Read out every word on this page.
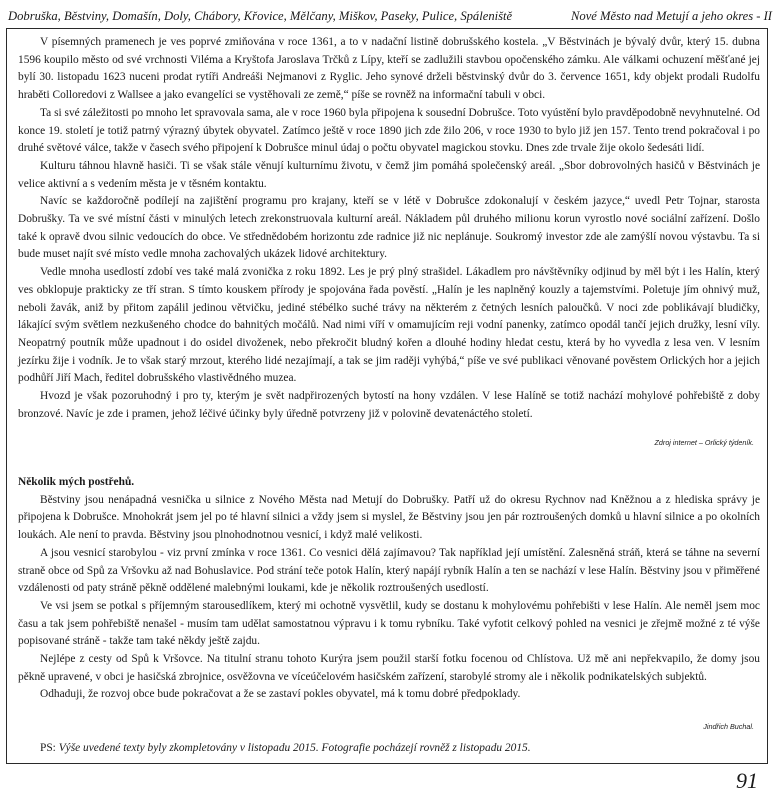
Dobruška, Běstviny, Domašín, Doly, Chábory, Křovice, Mělčany, Miškov, Paseky, Pulice, Spáleniště	Nové Město nad Metují a jeho okres - II

V písemných pramenech je ves poprvé zmiňována v roce 1361, a to v nadační listině dobrušského kostela. „V Běstvinách je bývalý dvůr, který 15. dubna 1596 koupilo město od své vrchnosti Viléma a Kryštofa Jaroslava Trčků z Lípy, kteří se zadlužili stavbou opočenského zámku. Ale válkami ochuzení měšťané jej bylí 30. listopadu 1623 nuceni prodat rytíři Andreáši Nejmanovi z Ryglic. Jeho synové drželi běstvinský dvůr do 3. července 1651, kdy objekt prodali Rudolfu hraběti Colloredovi z Wallsee a jako evangelíci se vystěhovali ze země,“ píše se rovněž na informační tabuli v obci.

Ta si své záležitosti po mnoho let spravovala sama, ale v roce 1960 byla připojena k sousední Dobrušce. Toto vyústění bylo pravděpodobně nevyhnutelné. Od konce 19. století je totiž patrný výrazný úbytek obyvatel. Zatímco ještě v roce 1890 jich zde žilo 206, v roce 1930 to bylo již jen 157. Tento trend pokračoval i po druhé světové válce, takže v časech svého připojení k Dobrušce minul údaj o počtu obyvatel magickou stovku. Dnes zde trvale žije okolo šedesáti lidí.

Kulturu táhnou hlavně hasiči. Ti se však stále věnují kulturnímu životu, v čemž jim pomáhá společenský areál. „Sbor dobrovolných hasičů v Běstvinách je velice aktivní a s vedením města je v těsném kontaktu.

Navíc se každoročně podílejí na zajištění programu pro krajany, kteří se v létě v Dobrušce zdokonalují v českém jazyce,“ uvedl Petr Tojnar, starosta Dobrušky. Ta ve své místní části v minulých letech zrekonstruovala kulturní areál. Nákladem půl druhého milionu korun vyrostlo nové sociální zařízení. Došlo také k opravě dvou silnic vedoucích do obce. Ve střednědobém horizontu zde radnice již nic neplánuje. Soukromý investor zde ale zamýšlí novou výstavbu. Ta si bude muset najít své místo vedle mnoha zachovalých ukázek lidové architektury.

Vedle mnoha usedlostí zdobí ves také malá zvonička z roku 1892. Les je prý plný strašidel. Lákadlem pro návštěvníky odjinud by měl být i les Halín, který ves obklopuje prakticky ze tří stran. S tímto kouskem přírody je spojována řada pověstí. „Halín je les naplněný kouzly a tajemstvími. Poletuje jím ohnivý muž, neboli žavák, aniž by přitom zapálil jedinou větvičku, jediné stébélko suché trávy na některém z četných lesních paloučků. V noci zde poblikávají bludičky, lákající svým světlem nezkušeného chodce do bahnitých močálů. Nad nimi víří v omamujícím reji vodní panenky, zatímco opodál tančí jejich družky, lesní víly. Neopatrný poutník může upadnout i do osidel divoženek, nebo překročit bludný kořen a dlouhé hodiny hledat cestu, která by ho vyvedla z lesa ven. V lesním jezírku žije i vodník. Je to však starý mrzout, kterého lidé nezajímají, a tak se jim raději vyhýbá,“ píše ve své publikaci věnované pověstem Orlických hor a jejich podhůří Jiří Mach, ředitel dobrušského vlastivědného muzea.

Hvozd je však pozoruhodný i pro ty, kterým je svět nadpřirozených bytostí na hony vzdálen. V lese Halíně se totiž nachází mohylové pohřebiště z doby bronzové. Navíc je zde i pramen, jehož léčivé účinky byly úředně potvrzeny již v polovině devatenáctého století.

Zdroj internet – Orlický týdeník.
Několik mých postřehů.

Běstviny jsou nenápadná vesnička u silnice z Nového Města nad Metují do Dobrušky. Patří už do okresu Rychnov nad Kněžnou a z hlediska správy je připojena k Dobrušce. Mnohokrát jsem jel po té hlavní silnici a vždy jsem si myslel, že Běstviny jsou jen pár roztroušených domků u hlavní silnice a po okolních loukách. Ale není to pravda. Běstviny jsou plnohodnotnou vesnicí, i když malé velikosti.

A jsou vesnicí starobylou - viz první zmínka v roce 1361. Co vesnici dělá zajímavou? Tak například její umístění. Zalesněná stráň, která se táhne na severní straně obce od Spů za Vršovku až nad Bohuslavice. Pod strání teče potok Halín, který napájí rybník Halín a ten se nachází v lese Halín. Běstviny jsou v přiměřené vzdálenosti od paty stráně pěkně oddělené malebnými loukami, kde je několik roztroušených usedlostí.

Ve vsi jsem se potkal s příjemným starousedlíkem, který mi ochotně vysvětlil, kudy se dostanu k mohylovému pohřebišti v lese Halín. Ale neměl jsem moc času a tak jsem pohřebiště nenašel - musím tam udělat samostatnou výpravu i k tomu rybníku. Také vyfotit celkový pohled na vesnici je zřejmě možné z té výše popisované stráně - takže tam také někdy ještě zajdu.

Nejlépe z cesty od Spů k Vršovce. Na titulní stranu tohoto Kurýra jsem použil starší fotku focenou od Chlístova. Už mě ani nepřekvapilo, že domy jsou pěkně upravené, v obci je hasičská zbrojnice, osvěžovna ve víceúčelovém hasičském zařízení, starobylé stromy ale i několik podnikatelských subjektů.

Odhaduji, že rozvoj obce bude pokračovat a že se zastaví pokles obyvatel, má k tomu dobré předpoklady.

Jindřich Buchal.
PS: Výše uvedené texty byly zkompletovány v listopadu 2015. Fotografie pocházejí rovněž z listopadu 2015.
91
